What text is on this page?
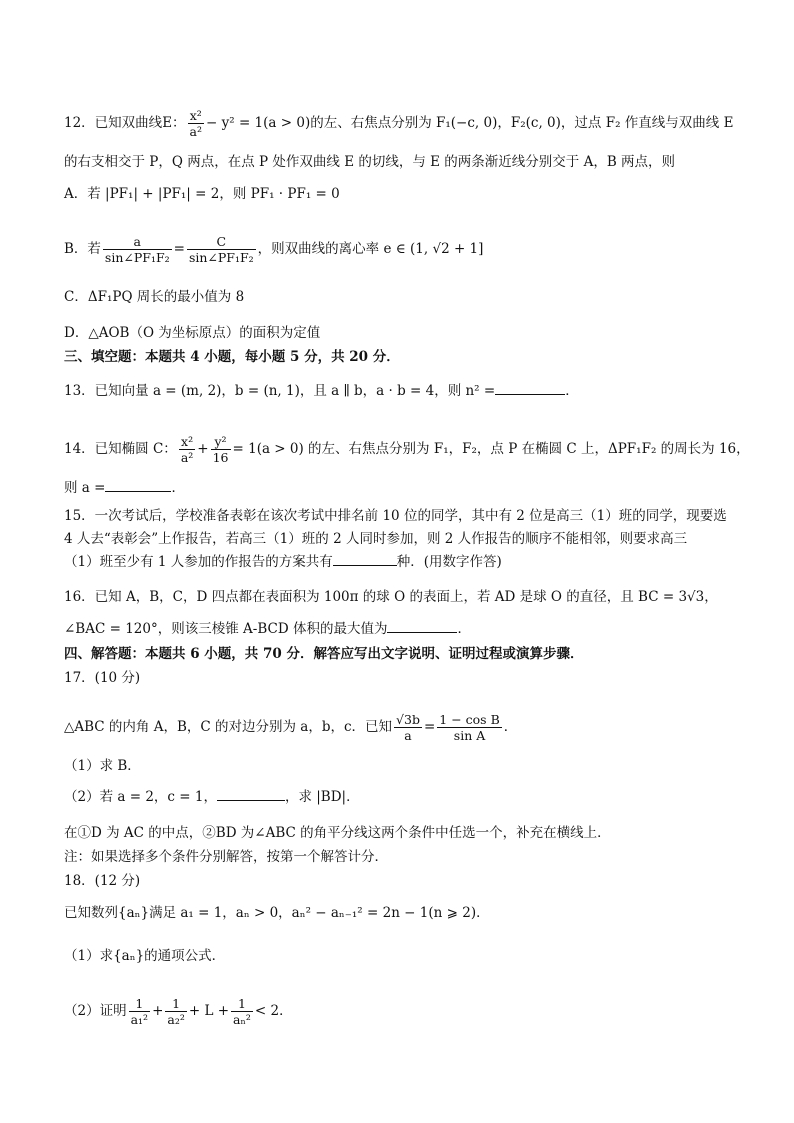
12．已知双曲线E： $\frac{\text{x²}}{\text{a²}} - y^2 = 1(a > 0)$的左、右焦点分别为 F₁(−c, 0)，F₂(c, 0)，过点 F₂ 作直线与双曲线 E
的右支相交于 P，Q 两点，在点 P 处作双曲线 E 的切线，与 E 的两条渐近线分别交于 A，B 两点，则
A．若 |PF₁| + |PF₁| = 2，则 PF₁ · PF₁ = 0
B．若 $\frac{a}{\text{sin∠PF₁F₂}} = \frac{C}{\text{sin∠PF₁F₂}}$ ，则双曲线的离心率 e ∈ (1, √2 + 1]
C．ΔF₁PQ 周长的最小值为 8
D．△AOB（O 为坐标原点）的面积为定值
三、填空题：本题共 4 小题，每小题 5 分，共 20 分．
13．已知向量 a = (m, 2)，b = (n, 1)，且 a ∥ b，a · b = 4，则 n² =	．
14．已知椭圆 C： $\frac{\text{x²}}{\text{a²}} + \frac{\text{y²}}{16} = 1(a > 0)$ 的左、右焦点分别为 F₁，F₂，点 P 在椭圆 C 上，ΔPF₁F₂ 的周长为 16，
则 a =	．
15．一次考试后，学校准备表彰在该次考试中排名前 10 位的同学，其中有 2 位是高三（1）班的同学，现要选
4 人去“表彰会”上作报告，若高三（1）班的 2 人同时参加，则 2 人作报告的顺序不能相邻，则要求高三
（1）班至少有 1 人参加的作报告的方案共有	种．(用数字作答)
16．已知 A，B，C，D 四点都在表面积为 100π 的球 O 的表面上，若 AD 是球 O 的直径，且 BC = 3√3，
∠BAC = 120°，则该三棱锥 A-BCD 体积的最大值为	．
四、解答题：本题共 6 小题，共 70 分．解答应写出文字说明、证明过程或演算步骤．
17．(10 分)
△ABC 的内角 A，B，C 的对边分别为 a，b，c．已知 $\frac{√3b}{a} = \frac{\text{1 − cos B}}{\text{sin A}}$ ．
（1）求 B．
（2）若 a = 2，c = 1，	，求 |BD|．
在①D 为 AC 的中点，②BD 为∠ABC 的角平分线这两个条件中任选一个，补充在横线上．
注：如果选择多个条件分别解答，按第一个解答计分．
18．(12 分)
已知数列{aₙ}满足 a₁ = 1，aₙ > 0，aₙ² − aₙ₋₁² = 2n − 1(n ⩾ 2)．
（1）求{aₙ}的通项公式．
（2）证明 $\frac{1}{\text{a₁²}} + \frac{1}{\text{a₂²}} + L + \frac{1}{\text{aₙ²}} < 2$．
